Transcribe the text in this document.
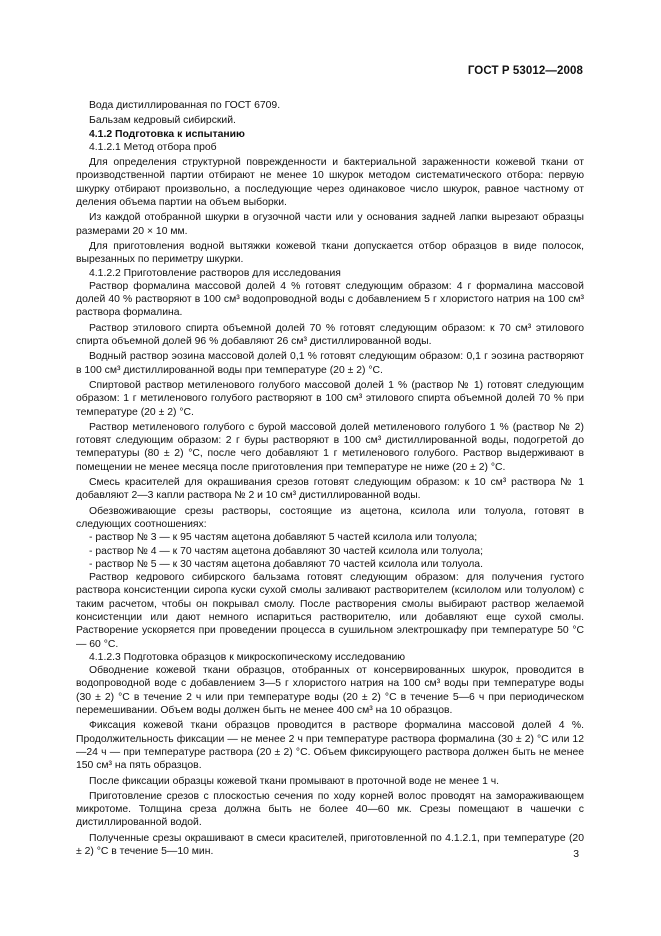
ГОСТ Р 53012—2008

Вода дистиллированная по ГОСТ 6709.

Бальзам кедровый сибирский.

4.1.2 Подготовка к испытанию

4.1.2.1 Метод отбора проб

Для определения структурной поврежденности и бактериальной зараженности кожевой ткани от производственной партии отбирают не менее 10 шкурок методом систематического отбора: первую шкурку отбирают произвольно, а последующие через одинаковое число шкурок, равное частному от деления объема партии на объем выборки.

Из каждой отобранной шкурки в огузочной части или у основания задней лапки вырезают образцы размерами 20 × 10 мм.

Для приготовления водной вытяжки кожевой ткани допускается отбор образцов в виде полосок, вырезанных по периметру шкурки.

4.1.2.2 Приготовление растворов для исследования

Раствор формалина массовой долей 4 % готовят следующим образом: 4 г формалина массовой долей 40 % растворяют в 100 см³ водопроводной воды с добавлением 5 г хлористого натрия на 100 см³ раствора формалина.

Раствор этилового спирта объемной долей 70 % готовят следующим образом: к 70 см³ этилового спирта объемной долей 96 % добавляют 26 см³ дистиллированной воды.

Водный раствор эозина массовой долей 0,1 % готовят следующим образом: 0,1 г эозина растворяют в 100 см³ дистиллированной воды при температуре (20 ± 2) °С.

Спиртовой раствор метиленового голубого массовой долей 1 % (раствор № 1) готовят следующим образом: 1 г метиленового голубого растворяют в 100 см³ этилового спирта объемной долей 70 % при температуре (20 ± 2) °С.

Раствор метиленового голубого с бурой массовой долей метиленового голубого 1 % (раствор № 2) готовят следующим образом: 2 г буры растворяют в 100 см³ дистиллированной воды, подогретой до температуры (80 ± 2) °С, после чего добавляют 1 г метиленового голубого. Раствор выдерживают в помещении не менее месяца после приготовления при температуре не ниже (20 ± 2) °С.

Смесь красителей для окрашивания срезов готовят следующим образом: к 10 см³ раствора № 1 добавляют 2—3 капли раствора № 2 и 10 см³ дистиллированной воды.

Обезвоживающие срезы растворы, состоящие из ацетона, ксилола или толуола, готовят в следующих соотношениях:

- раствор № 3 — к 95 частям ацетона добавляют 5 частей ксилола или толуола;

- раствор № 4 — к 70 частям ацетона добавляют 30 частей ксилола или толуола;

- раствор № 5 — к 30 частям ацетона добавляют 70 частей ксилола или толуола.

Раствор кедрового сибирского бальзама готовят следующим образом: для получения густого раствора консистенции сиропа куски сухой смолы заливают растворителем (ксилолом или толуолом) с таким расчетом, чтобы он покрывал смолу. После растворения смолы выбирают раствор желаемой консистенции или дают немного испариться растворителю, или добавляют еще сухой смолы. Растворение ускоряется при проведении процесса в сушильном электрошкафу при температуре 50 °С — 60 °С.

4.1.2.3 Подготовка образцов к микроскопическому исследованию

Обводнение кожевой ткани образцов, отобранных от консервированных шкурок, проводится в водопроводной воде с добавлением 3—5 г хлористого натрия на 100 см³ воды при температуре воды (30 ± 2) °С в течение 2 ч или при температуре воды (20 ± 2) °С в течение 5—6 ч при периодическом перемешивании. Объем воды должен быть не менее 400 см³ на 10 образцов.

Фиксация кожевой ткани образцов проводится в растворе формалина массовой долей 4 %. Продолжительность фиксации — не менее 2 ч при температуре раствора формалина (30 ± 2) °С или 12—24 ч — при температуре раствора (20 ± 2) °С. Объем фиксирующего раствора должен быть не менее 150 см³ на пять образцов.

После фиксации образцы кожевой ткани промывают в проточной воде не менее 1 ч.

Приготовление срезов с плоскостью сечения по ходу корней волос проводят на замораживающем микротоме. Толщина среза должна быть не более 40—60 мк. Срезы помещают в чашечки с дистиллированной водой.

Полученные срезы окрашивают в смеси красителей, приготовленной по 4.1.2.1, при температуре (20 ± 2) °С в течение 5—10 мин.	3
